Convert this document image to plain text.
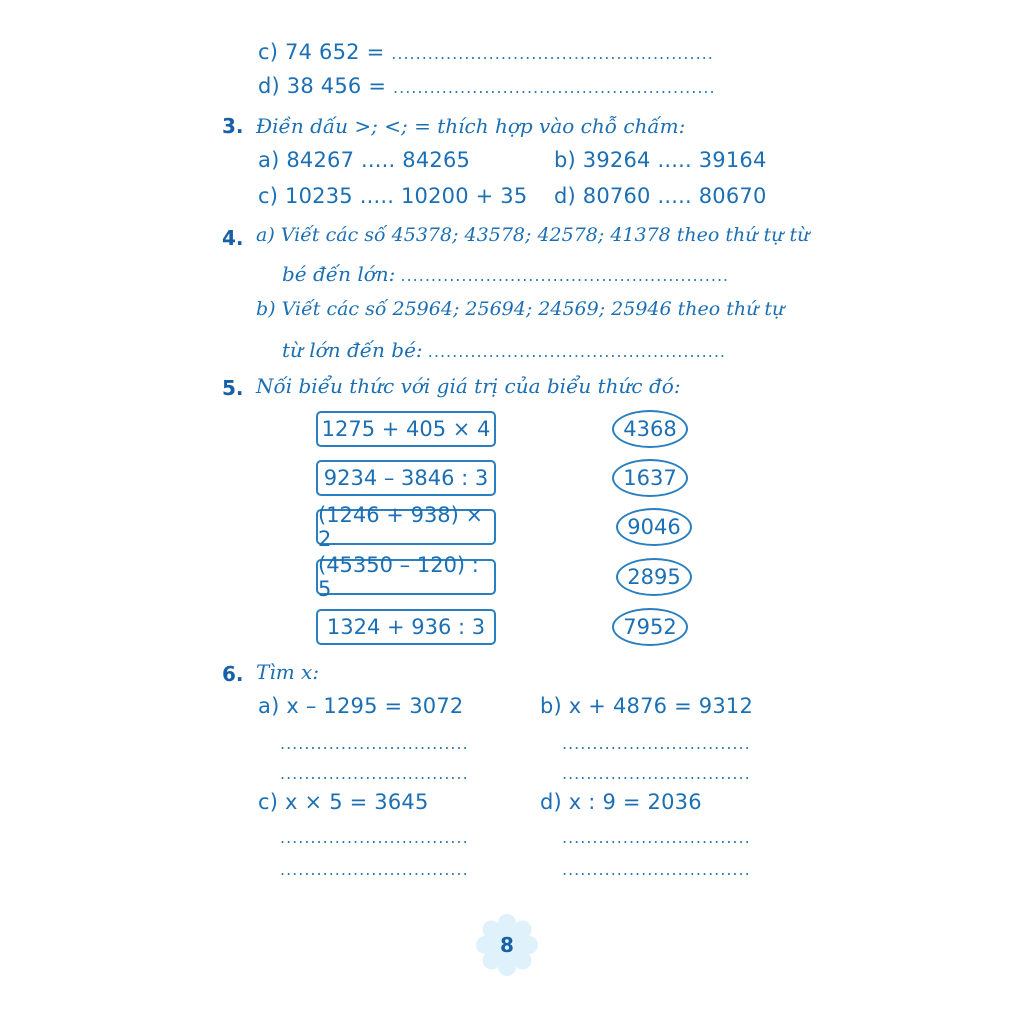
c) 74 652 = .....................................................
d) 38 456 = .....................................................
3. Điền dấu >; <; = thích hợp vào chỗ chấm:
a) 84267 ..... 84265	b) 39264 ..... 39164
c) 10235 ..... 10200 + 35 d) 80760 ..... 80670
4. a) Viết các số 45378; 43578; 42578; 41378 theo thứ tự từ
bé đến lớn: ......................................................
b) Viết các số 25964; 25694; 24569; 25946 theo thứ tự
từ lớn đến bé: .................................................
5. Nối biểu thức với giá trị của biểu thức đó:
1275 + 405 × 4
9234 – 3846 : 3
(1246 + 938) × 2
(45350 – 120) : 5
1324 + 936 : 3
4368
1637
9046
2895
7952
6. Tìm x:
a) x – 1295 = 3072	b) x + 4876 = 9312
...............................
...............................
...............................
...............................
c) x × 5 = 3645	d) x : 9 = 2036
...............................
...............................
...............................
...............................
8
